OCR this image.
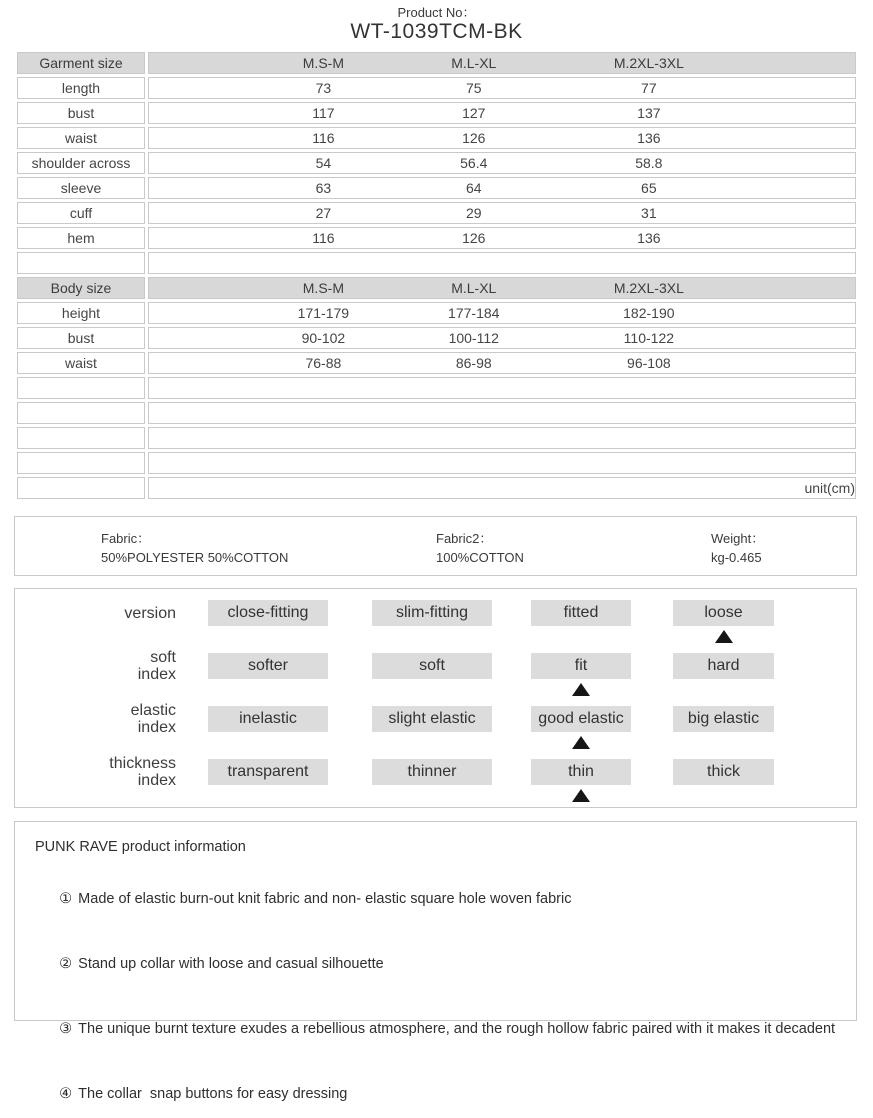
Product No：
WT-1039TCM-BK
Garment size	M.S-M M.L-XL M.2XL-3XL

length	73 75 77

bust	117 127 137

waist	116 126 136

shoulder across	54 56.4 58.8

sleeve	63 64 65

cuff	27 29 31

hem	116 126 136

Body size	M.S-M M.L-XL M.2XL-3XL

height	171-179 177-184 182-190

bust	90-102 100-112 110-122

waist	76-88 86-98 96-108

	unit(cm)
Fabric：
50%POLYESTER 50%COTTON
Fabric2：
100%COTTON
Weight：
kg-0.465
version	close-fitting	slim-fitting	fitted	loose
soft
index
softer	soft	fit	hard
elastic
index
inelastic	slight elastic	good elastic	big elastic
thickness
index
transparent	thinner	thin	thick
PUNK RAVE product information

① Made of elastic burn-out knit fabric and non- elastic square hole woven fabric

② Stand up collar with loose and casual silhouette

③ The unique burnt texture exudes a rebellious atmosphere, and the rough hollow fabric paired with it makes it decadent

④ The collar  snap buttons for easy dressing
